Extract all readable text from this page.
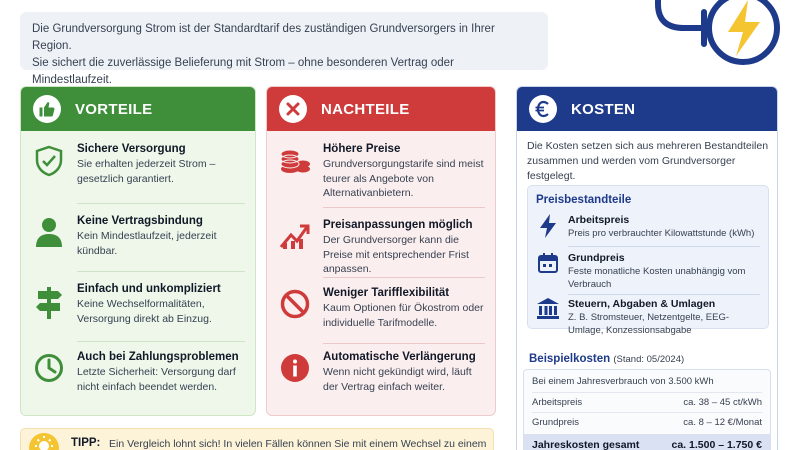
Die Grundversorgung Strom ist der Standardtarif des zuständigen Grundversorgers in Ihrer Region.
Sie sichert die zuverlässige Belieferung mit Strom – ohne besonderen Vertrag oder Mindestlaufzeit.
VORTEILE
Sichere Versorgung
Sie erhalten jederzeit Strom – gesetzlich garantiert.
Keine Vertragsbindung
Kein Mindestlaufzeit, jederzeit kündbar.
Einfach und unkompliziert
Keine Wechselformalitäten, Versorgung direkt ab Einzug.
Auch bei Zahlungsproblemen
Letzte Sicherheit: Versorgung darf nicht einfach beendet werden.
NACHTEILE
Höhere Preise
Grundversorgungstarife sind meist teurer als Angebote von Alternativanbietern.
Preisanpassungen möglich
Der Grundversorger kann die Preise mit entsprechender Frist anpassen.
Weniger Tarifflexibilität
Kaum Optionen für Ökostrom oder individuelle Tarifmodelle.
Automatische Verlängerung
Wenn nicht gekündigt wird, läuft der Vertrag einfach weiter.
KOSTEN
Die Kosten setzen sich aus mehreren Bestandteilen zusammen und werden vom Grundversorger festgelegt.
Preisbestandteile
Arbeitspreis
Preis pro verbrauchter Kilowattstunde (kWh)
Grundpreis
Feste monatliche Kosten unabhängig vom Verbrauch
Steuern, Abgaben & Umlagen
Z. B. Stromsteuer, Netzentgelte, EEG-Umlage, Konzessionsabgabe
Beispielkosten (Stand: 05/2024)
Bei einem Jahresverbrauch von 3.500 kWh
Arbeitspreis	ca. 38 – 45 ct/kWh
Grundpreis	ca. 8 – 12 €/Monat
Jahreskosten gesamt	ca. 1.500 – 1.750 €
TIPP: Ein Vergleich lohnt sich! In vielen Fällen können Sie mit einem Wechsel zu einem
